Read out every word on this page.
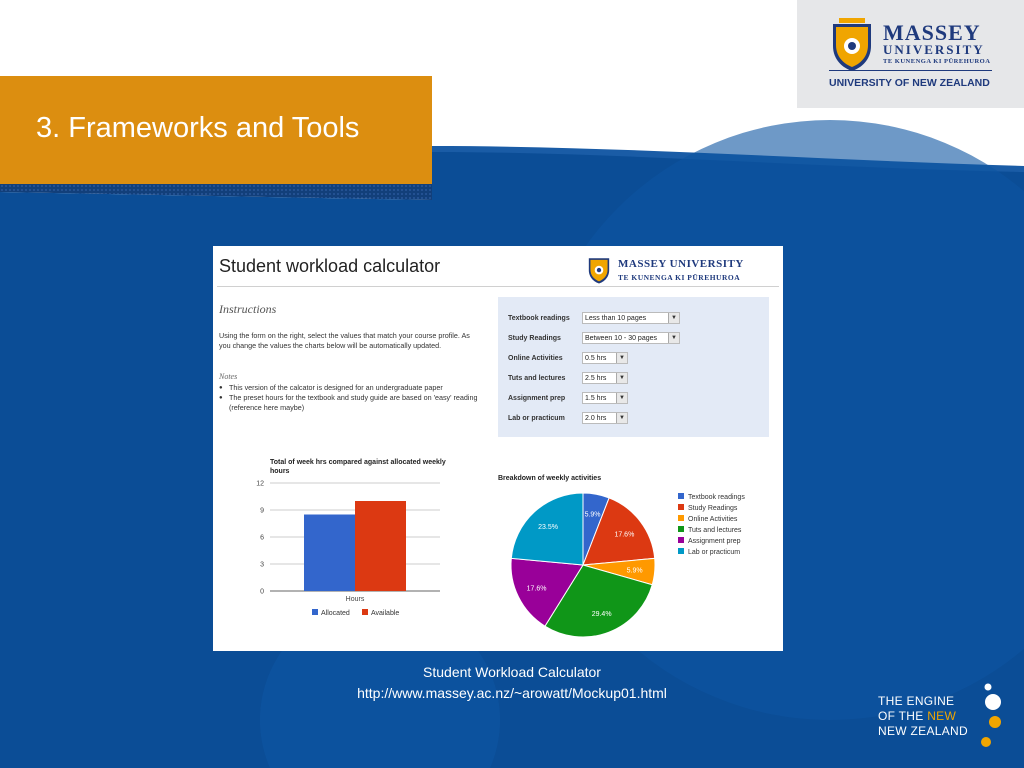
MASSEY
UNIVERSITY
TE KUNENGA KI PŪREHUROA
UNIVERSITY OF NEW ZEALAND
3. Frameworks and Tools
Student workload calculator	MASSEY UNIVERSITY
TE KUNENGA KI PŪREHUROA
Instructions
Using the form on the right, select the values that match your course profile. As you change the values the charts below will be automatically updated.
Notes
● This version of the calcator is designed for an undergraduate paper
● The preset hours for the textbook and study guide are based on 'easy' reading (reference here maybe)
Textbook readings	Less than 10 pages	▼
Study Readings	Between 10 - 30 pages	▼
Online Activities	0.5 hrs	▼
Tuts and lectures	2.5 hrs	▼
Assignment prep	1.5 hrs	▼
Lab or practicum	2.0 hrs	▼
Total of week hrs compared against allocated weekly hours
Breakdown of weekly activities
0
3
6
9
12
Hours
Allocated	Available
5.9%
17.6%
5.9%
29.4%
17.6%
23.5%
Textbook readings
Study Readings
Online Activities
Tuts and lectures
Assignment prep
Lab or practicum
Student Workload Calculator
http://www.massey.ac.nz/~arowatt/Mockup01.html	THE ENGINE
OF THE NEW
NEW ZEALAND
